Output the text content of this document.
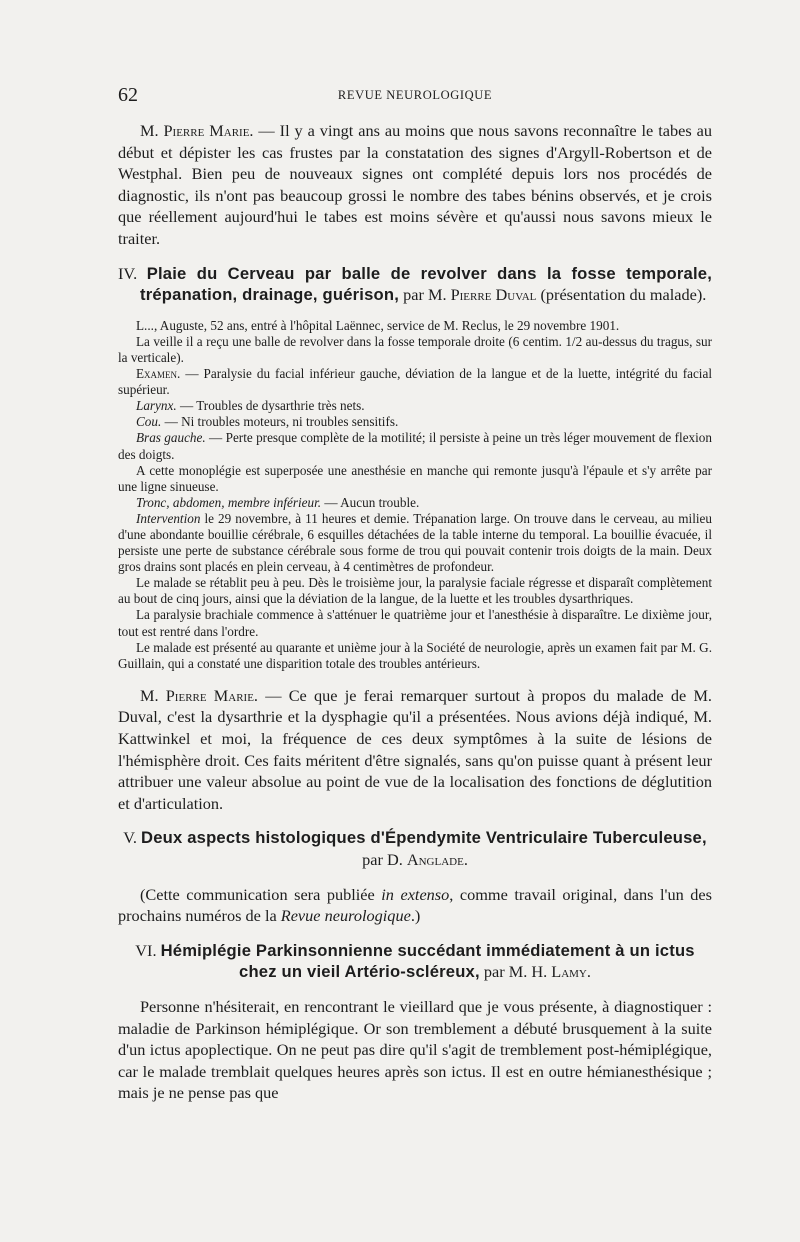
62	REVUE NEUROLOGIQUE

M. Pierre Marie. — Il y a vingt ans au moins que nous savons reconnaître le tabes au début et dépister les cas frustes par la constatation des signes d'Argyll-Robertson et de Westphal. Bien peu de nouveaux signes ont complété depuis lors nos procédés de diagnostic, ils n'ont pas beaucoup grossi le nombre des tabes bénins observés, et je crois que réellement aujourd'hui le tabes est moins sévère et qu'aussi nous savons mieux le traiter.

IV. Plaie du Cerveau par balle de revolver dans la fosse temporale, trépanation, drainage, guérison, par M. Pierre Duval (présentation du malade).

L..., Auguste, 52 ans, entré à l'hôpital Laënnec, service de M. Reclus, le 29 novembre 1901.

La veille il a reçu une balle de revolver dans la fosse temporale droite (6 centim. 1/2 au-dessus du tragus, sur la verticale).

Examen. — Paralysie du facial inférieur gauche, déviation de la langue et de la luette, intégrité du facial supérieur.

Larynx. — Troubles de dysarthrie très nets.

Cou. — Ni troubles moteurs, ni troubles sensitifs.

Bras gauche. — Perte presque complète de la motilité; il persiste à peine un très léger mouvement de flexion des doigts.

A cette monoplégie est superposée une anesthésie en manche qui remonte jusqu'à l'épaule et s'y arrête par une ligne sinueuse.

Tronc, abdomen, membre inférieur. — Aucun trouble.

Intervention le 29 novembre, à 11 heures et demie. Trépanation large. On trouve dans le cerveau, au milieu d'une abondante bouillie cérébrale, 6 esquilles détachées de la table interne du temporal. La bouillie évacuée, il persiste une perte de substance cérébrale sous forme de trou qui pouvait contenir trois doigts de la main. Deux gros drains sont placés en plein cerveau, à 4 centimètres de profondeur.

Le malade se rétablit peu à peu. Dès le troisième jour, la paralysie faciale régresse et disparaît complètement au bout de cinq jours, ainsi que la déviation de la langue, de la luette et les troubles dysarthriques.

La paralysie brachiale commence à s'atténuer le quatrième jour et l'anesthésie à disparaître. Le dixième jour, tout est rentré dans l'ordre.

Le malade est présenté au quarante et unième jour à la Société de neurologie, après un examen fait par M. G. Guillain, qui a constaté une disparition totale des troubles antérieurs.

M. Pierre Marie. — Ce que je ferai remarquer surtout à propos du malade de M. Duval, c'est la dysarthrie et la dysphagie qu'il a présentées. Nous avions déjà indiqué, M. Kattwinkel et moi, la fréquence de ces deux symptômes à la suite de lésions de l'hémisphère droit. Ces faits méritent d'être signalés, sans qu'on puisse quant à présent leur attribuer une valeur absolue au point de vue de la localisation des fonctions de déglutition et d'articulation.

V. Deux aspects histologiques d'Épendymite Ventriculaire Tuberculeuse, par D. Anglade.

(Cette communication sera publiée in extenso, comme travail original, dans l'un des prochains numéros de la Revue neurologique.)

VI. Hémiplégie Parkinsonnienne succédant immédiatement à un ictus chez un vieil Artério-scléreux, par M. H. Lamy.

Personne n'hésiterait, en rencontrant le vieillard que je vous présente, à diagnostiquer : maladie de Parkinson hémiplégique. Or son tremblement a débuté brusquement à la suite d'un ictus apoplectique. On ne peut pas dire qu'il s'agit de tremblement post-hémiplégique, car le malade tremblait quelques heures après son ictus. Il est en outre hémianesthésique ; mais je ne pense pas que
